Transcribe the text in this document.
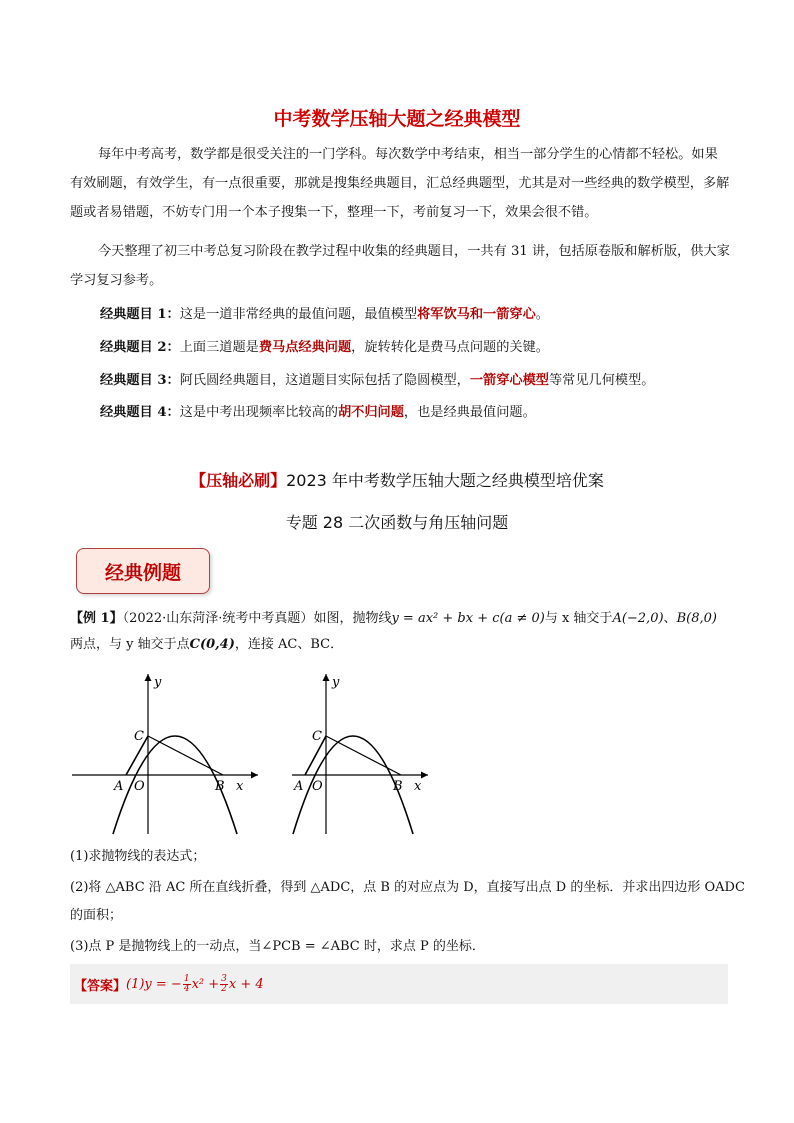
中考数学压轴大题之经典模型
每年中考高考，数学都是很受关注的一门学科。每次数学中考结束，相当一部分学生的心情都不轻松。如果有效刷题，有效学生，有一点很重要，那就是搜集经典题目，汇总经典题型，尤其是对一些经典的数学模型，多解题或者易错题，不妨专门用一个本子搜集一下，整理一下，考前复习一下，效果会很不错。
今天整理了初三中考总复习阶段在教学过程中收集的经典题目，一共有 31 讲，包括原卷版和解析版，供大家学习复习参考。
经典题目 1：这是一道非常经典的最值问题，最值模型将军饮马和一箭穿心。
经典题目 2：上面三道题是费马点经典问题，旋转转化是费马点问题的关键。
经典题目 3：阿氏圆经典题目，这道题目实际包括了隐圆模型，一箭穿心模型等常见几何模型。
经典题目 4：这是中考出现频率比较高的胡不归问题，也是经典最值问题。
【压轴必刷】2023 年中考数学压轴大题之经典模型培优案
专题 28 二次函数与角压轴问题
经典例题
【例 1】（2022·山东菏泽·统考中考真题）如图，抛物线y = ax² + bx + c(a ≠ 0)与 x 轴交于A(−2,0)、B(8,0)
两点，与 y 轴交于点C(0,4)，连接 AC、BC．
y
x
A O	B
C
y
x
A O	B
C
(1)求抛物线的表达式；
(2)将 △ABC 沿 AC 所在直线折叠，得到 △ADC，点 B 的对应点为 D，直接写出点 D 的坐标．并求出四边形 OADC
的面积；
(3)点 P 是抛物线上的一动点，当∠PCB = ∠ABC 时，求点 P 的坐标．
【答案】 (1)y = − $\frac{1}{4} x^2 + \frac{3}{2}$ x + 4
